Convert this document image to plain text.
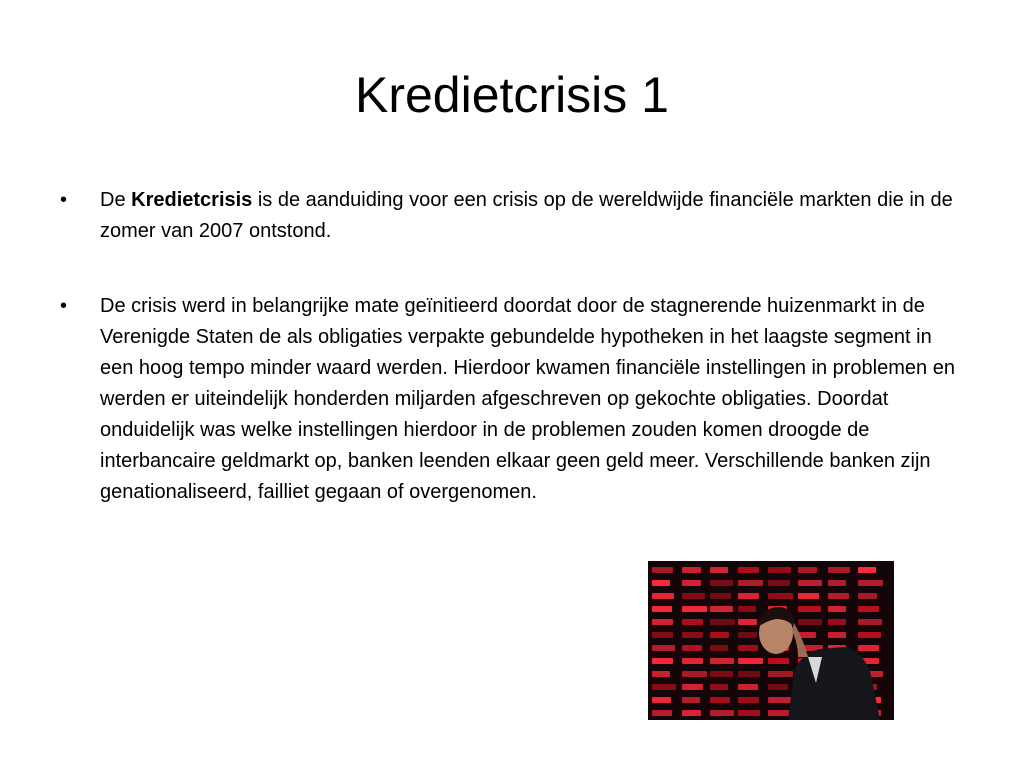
Kredietcrisis 1
• De Kredietcrisis is de aanduiding voor een crisis op de wereldwijde financiële markten die in de zomer van 2007 ontstond.
• De crisis werd in belangrijke mate geïnitieerd doordat door de stagnerende huizenmarkt in de Verenigde Staten de als obligaties verpakte gebundelde hypotheken in het laagste segment in een hoog tempo minder waard werden. Hierdoor kwamen financiële instellingen in problemen en werden er uiteindelijk honderden miljarden afgeschreven op gekochte obligaties. Doordat onduidelijk was welke instellingen hierdoor in de problemen zouden komen droogde de interbancaire geldmarkt op, banken leenden elkaar geen geld meer. Verschillende banken zijn genationaliseerd, failliet gegaan of overgenomen.
